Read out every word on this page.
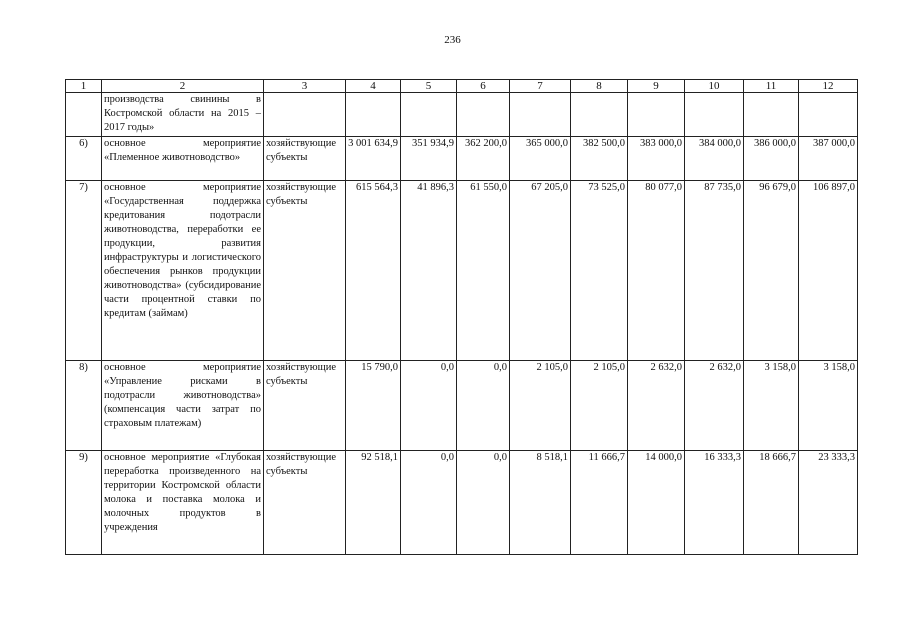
236
1	2	3	4	5	6	7	8	9	10	11	12
	производства свинины в Костромской области на 2015 – 2017 годы»										
6)	основное мероприятие «Племенное животноводство»	хозяйствующие субъекты	3 001 634,9	351 934,9	362 200,0	365 000,0	382 500,0	383 000,0	384 000,0	386 000,0	387 000,0
7)	основное мероприятие «Государственная поддержка кредитования подотрасли животноводства, переработки ее продукции, развития инфраструктуры и логистического обеспечения рынков продукции животноводства» (субсидирование части процентной ставки по кредитам (займам)	хозяйствующие субъекты	615 564,3	41 896,3	61 550,0	67 205,0	73 525,0	80 077,0	87 735,0	96 679,0	106 897,0
8)	основное мероприятие «Управление рисками в подотрасли животноводства» (компенсация части затрат по страховым платежам)	хозяйствующие субъекты	15 790,0	0,0	0,0	2 105,0	2 105,0	2 632,0	2 632,0	3 158,0	3 158,0
9)	основное мероприятие «Глубокая переработка произведенного на территории Костромской области молока и поставка молока и молочных продуктов в учреждения	хозяйствующие субъекты	92 518,1	0,0	0,0	8 518,1	11 666,7	14 000,0	16 333,3	18 666,7	23 333,3
